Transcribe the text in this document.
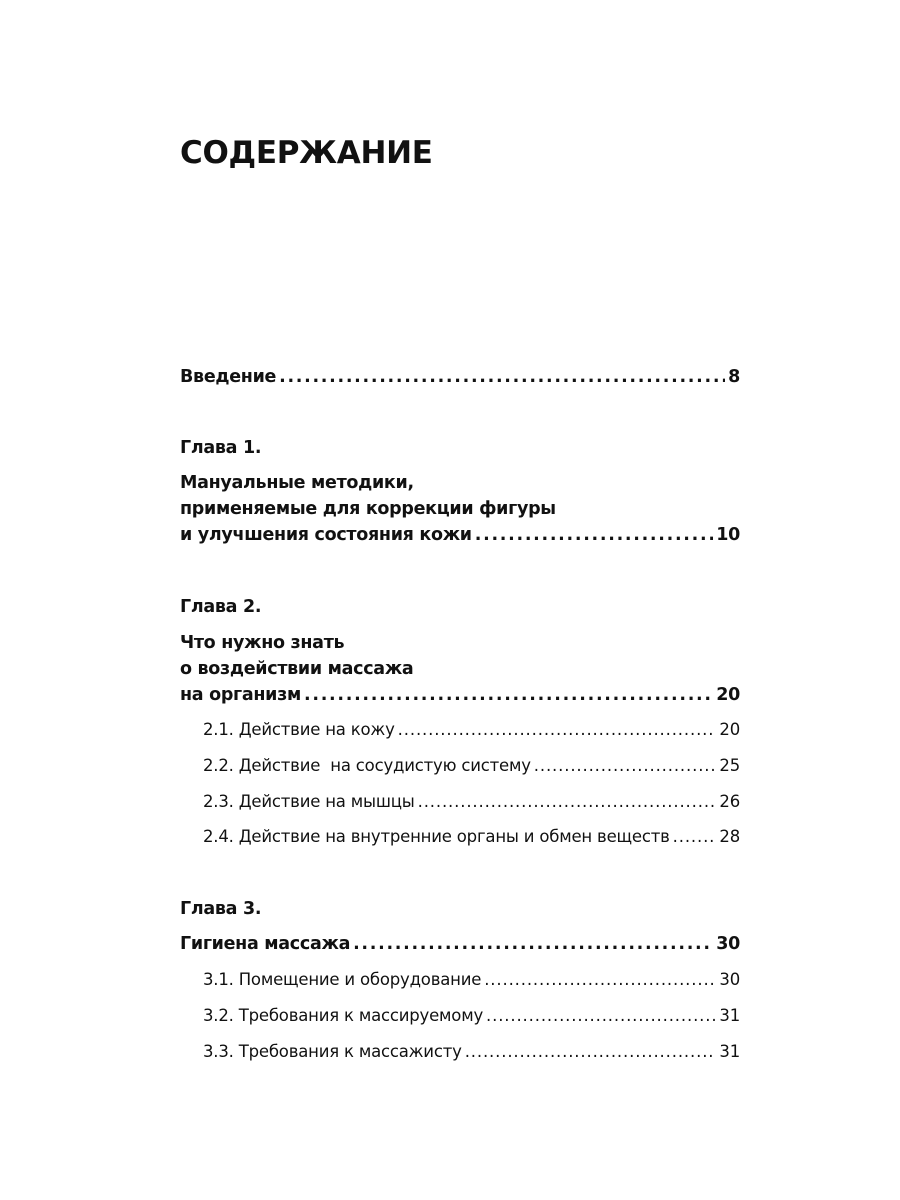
СОДЕРЖАНИЕ
Введение . . .	8
Глава 1.
Мануальные методики,
применяемые для коррекции фигуры
и улучшения состояния кожи . . .	10
Глава 2.
Что нужно знать
о воздействии массажа
на организм . . .	20
2.1. Действие на кожу . . .	20
2.2. Действие  на сосудистую систему . . .	25
2.3. Действие на мышцы . . .	26
2.4. Действие на внутренние органы и обмен веществ . . .	28
Глава 3.
Гигиена массажа . . .	30
3.1. Помещение и оборудование . . .	30
3.2. Требования к массируемому . . .	31
3.3. Требования к массажисту . . .	31
